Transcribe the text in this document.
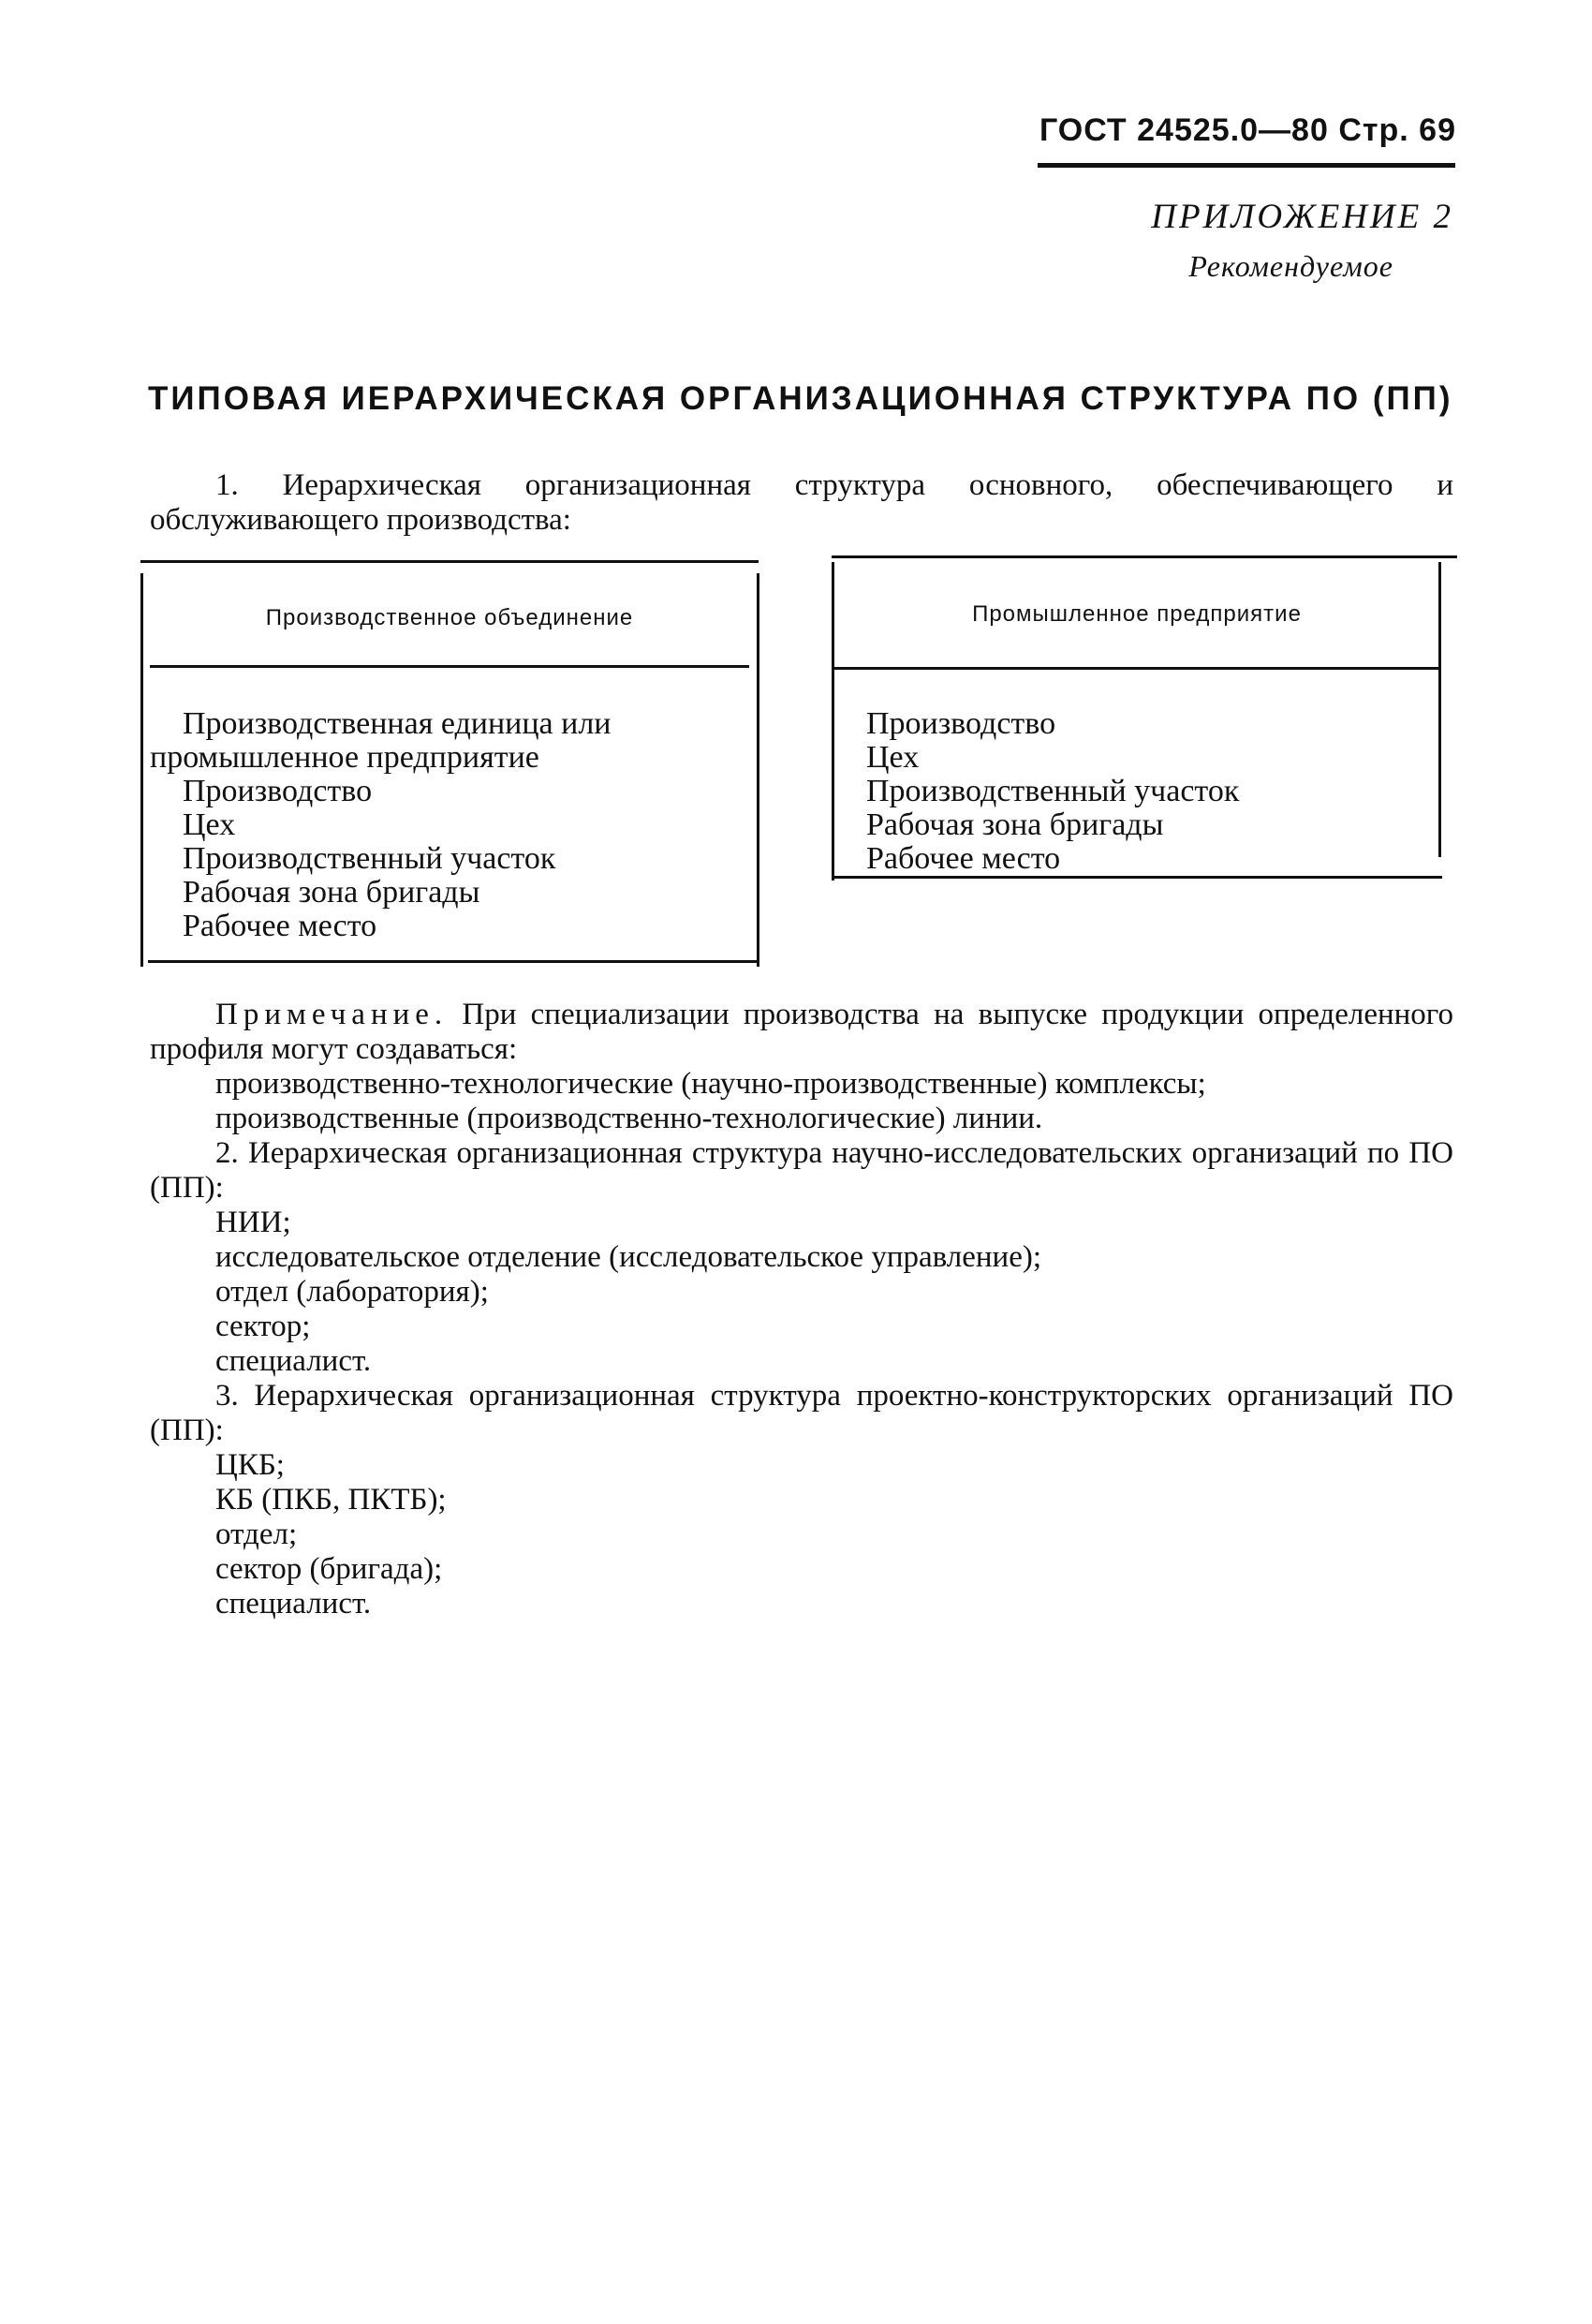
ГОСТ 24525.0—80 Стр. 69
ПРИЛОЖЕНИЕ 2
Рекомендуемое
ТИПОВАЯ ИЕРАРХИЧЕСКАЯ ОРГАНИЗАЦИОННАЯ СТРУКТУРА ПО (ПП)
1. Иерархическая организационная структура основного, обеспечивающего и обслуживающего производства:
Производственное объединение
Производственная единица или
промышленное предприятие
Производство
Цех
Производственный участок
Рабочая зона бригады
Рабочее место
Промышленное предприятие
Производство
Цех
Производственный участок
Рабочая зона бригады
Рабочее место
Примечание. При специализации производства на выпуске продукции определенного профиля могут создаваться:
производственно-технологические (научно-производственные) комплексы;
производственные (производственно-технологические) линии.
2. Иерархическая организационная структура научно-исследовательских организаций по ПО (ПП):
НИИ;
исследовательское отделение (исследовательское управление);
отдел (лаборатория);
сектор;
специалист.
3. Иерархическая организационная структура проектно-конструкторских организаций ПО (ПП):
ЦКБ;
КБ (ПКБ, ПКТБ);
отдел;
сектор (бригада);
специалист.
